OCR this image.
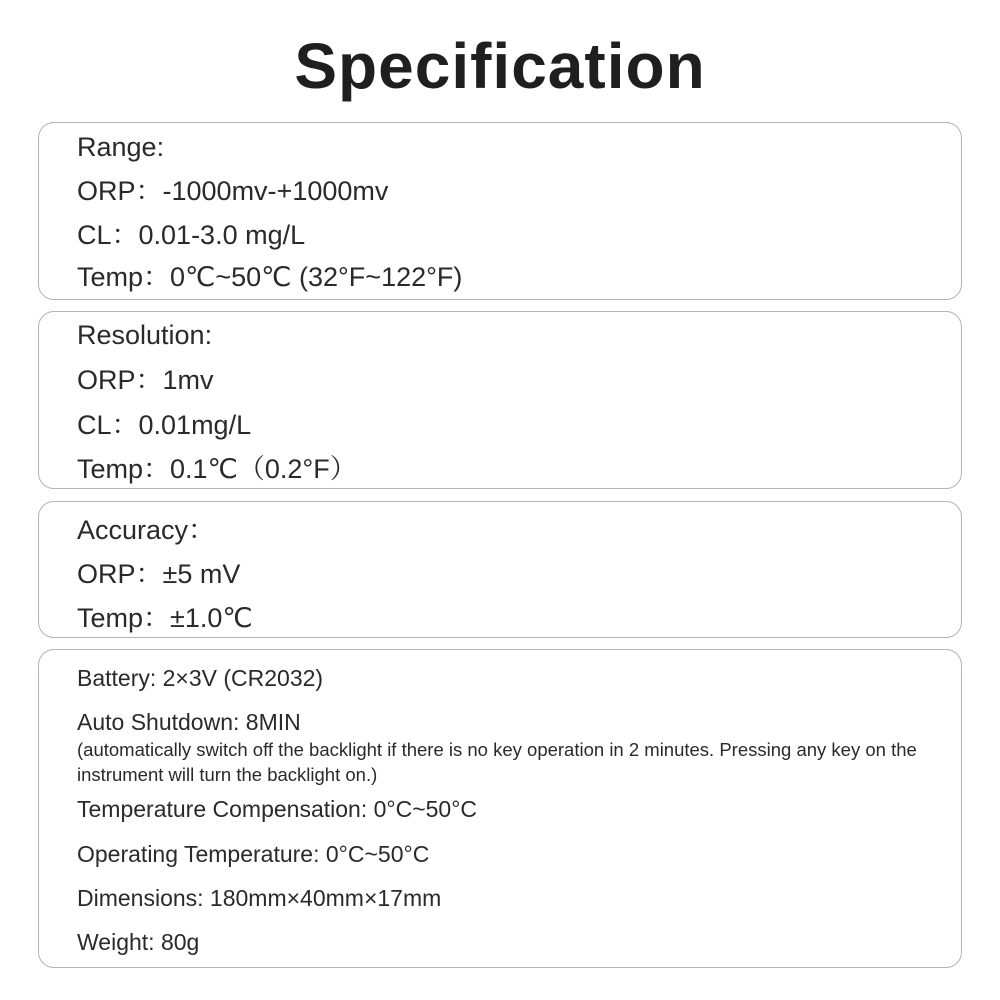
Specification
Range:
ORP：-1000mv-+1000mv
CL：0.01-3.0 mg/L
Temp：0℃~50℃ (32°F~122°F)
Resolution:
ORP：1mv
CL：0.01mg/L
Temp：0.1℃（0.2°F）
Accuracy：
ORP：±5 mV
Temp：±1.0℃
Battery: 2×3V (CR2032)
Auto Shutdown: 8MIN
(automatically switch off the backlight if there is no key operation in 2 minutes. Pressing any key on the instrument will turn the backlight on.)
Temperature Compensation: 0°C~50°C
Operating Temperature: 0°C~50°C
Dimensions: 180mm×40mm×17mm
Weight: 80g
